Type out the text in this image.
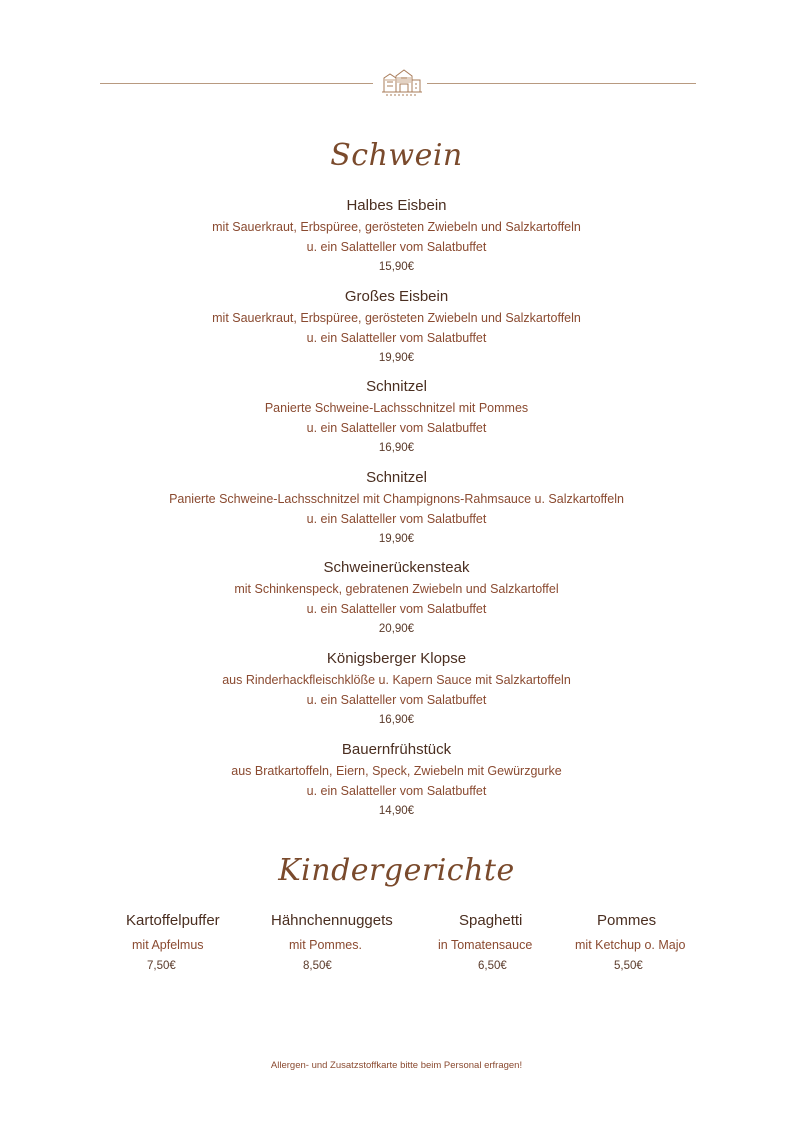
Schwein
Halbes Eisbein
mit Sauerkraut, Erbspüree, gerösteten Zwiebeln und Salzkartoffeln
u. ein Salatteller vom Salatbuffet
15,90€
Großes Eisbein
mit Sauerkraut, Erbspüree, gerösteten Zwiebeln und Salzkartoffeln
u. ein Salatteller vom Salatbuffet
19,90€
Schnitzel
Panierte Schweine-Lachsschnitzel mit Pommes
u. ein Salatteller vom Salatbuffet
16,90€
Schnitzel
Panierte Schweine-Lachsschnitzel mit Champignons-Rahmsauce u. Salzkartoffeln
u. ein Salatteller vom Salatbuffet
19,90€
Schweinerückensteak
mit Schinkenspeck, gebratenen Zwiebeln und Salzkartoffel
u. ein Salatteller vom Salatbuffet
20,90€
Königsberger Klopse
aus Rinderhackfleischklöße u. Kapern Sauce mit Salzkartoffeln
u. ein Salatteller vom Salatbuffet
16,90€
Bauernfrühstück
aus Bratkartoffeln, Eiern, Speck, Zwiebeln mit Gewürzgurke
u. ein Salatteller vom Salatbuffet
14,90€
Kindergerichte
Kartoffelpuffer
mit Apfelmus
7,50€
Hähnchennuggets
mit Pommes.
8,50€
Spaghetti
in Tomatensauce
6,50€
Pommes
mit Ketchup o. Majo
5,50€
Allergen- und Zusatzstoffkarte bitte beim Personal erfragen!
